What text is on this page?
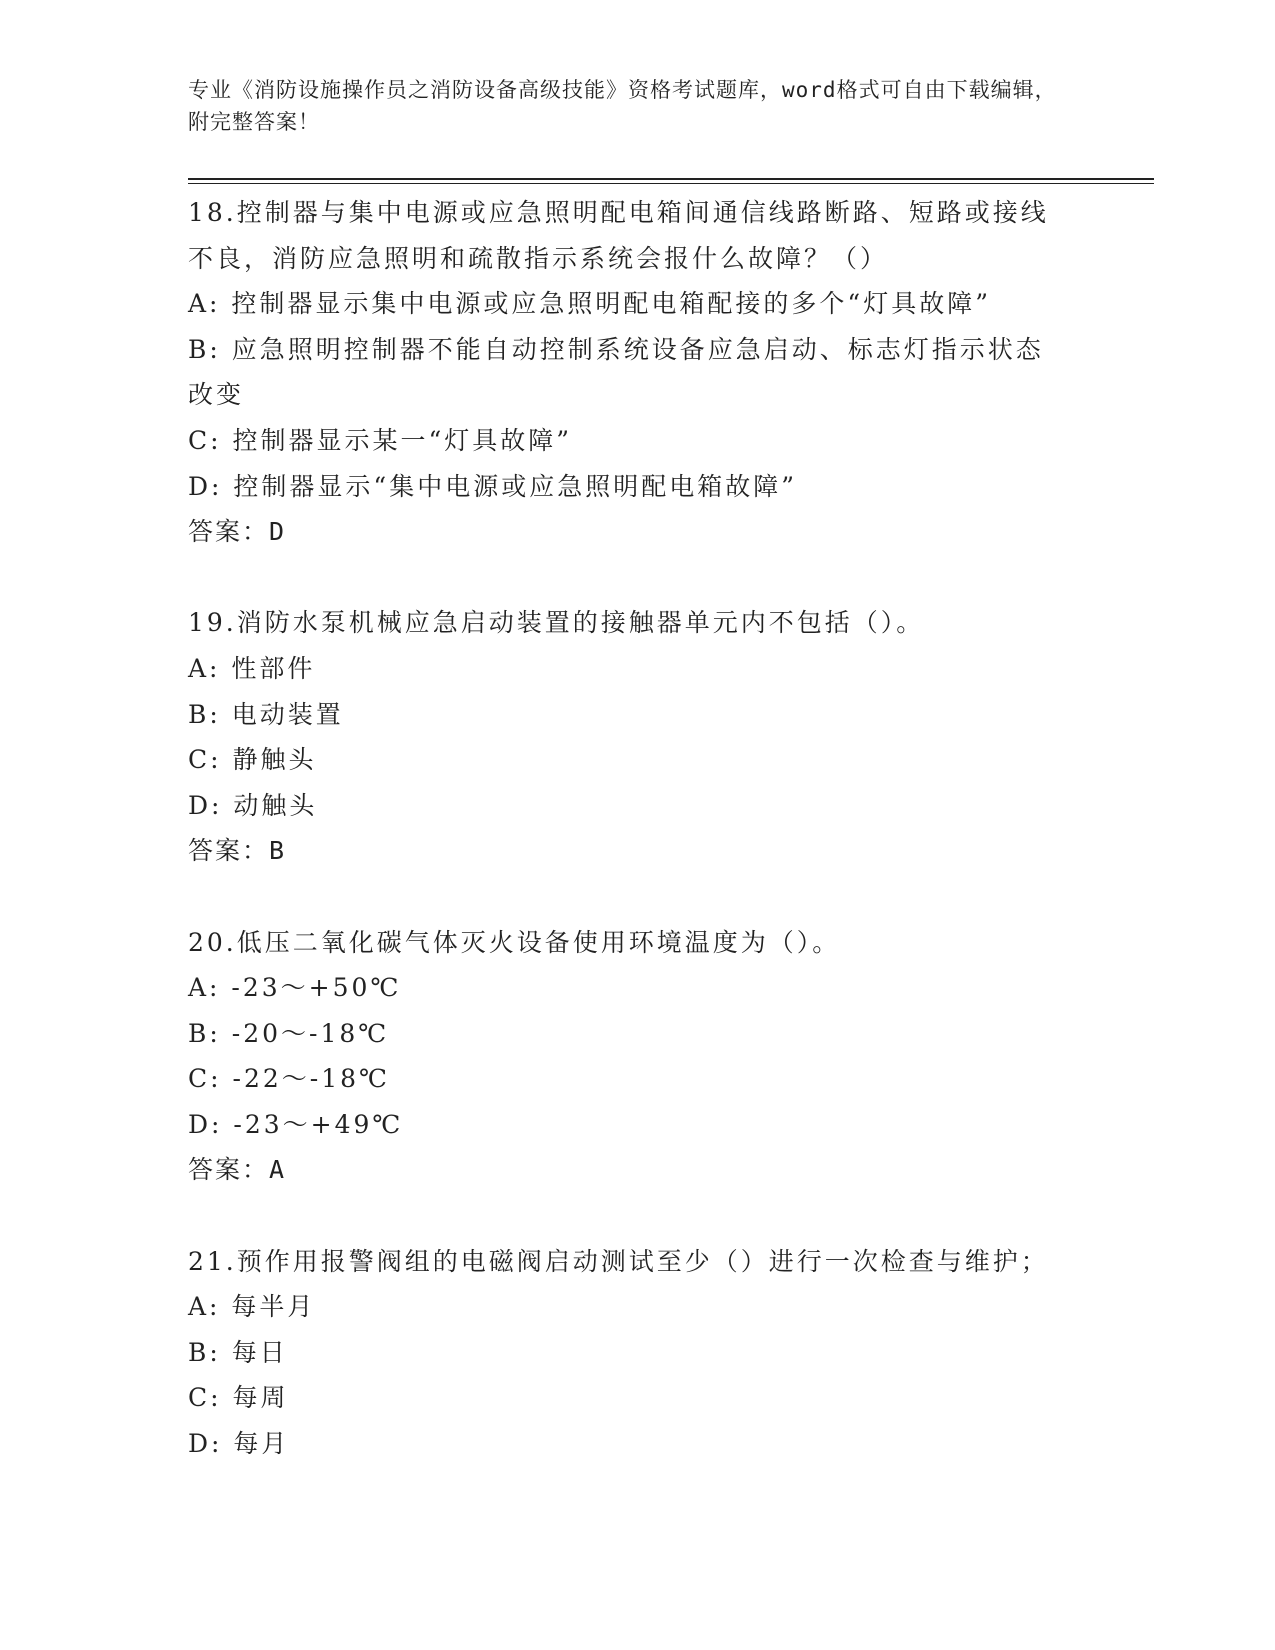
专业《消防设施操作员之消防设备高级技能》资格考试题库，word格式可自由下载编辑，附完整答案！
18.控制器与集中电源或应急照明配电箱间通信线路断路、短路或接线
不良，消防应急照明和疏散指示系统会报什么故障？（）
A: 控制器显示集中电源或应急照明配电箱配接的多个“灯具故障”
B: 应急照明控制器不能自动控制系统设备应急启动、标志灯指示状态
改变
C: 控制器显示某一“灯具故障”
D: 控制器显示“集中电源或应急照明配电箱故障”
答案：D
19.消防水泵机械应急启动装置的接触器单元内不包括（）。
A: 性部件
B: 电动装置
C: 静触头
D: 动触头
答案：B
20.低压二氧化碳气体灭火设备使用环境温度为（）。
A: -23～+50℃
B: -20～-18℃
C: -22～-18℃
D: -23～+49℃
答案：A
21.预作用报警阀组的电磁阀启动测试至少（）进行一次检查与维护；
A: 每半月
B: 每日
C: 每周
D: 每月
